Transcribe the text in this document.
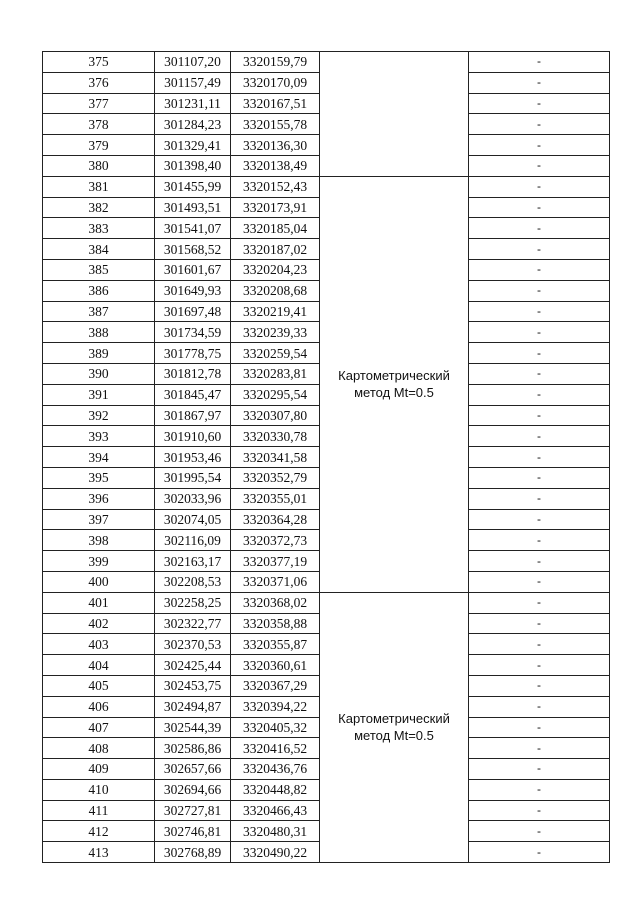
375	301107,20	3320159,79		-
376	301157,49	3320170,09		-
377	301231,11	3320167,51		-
378	301284,23	3320155,78		-
379	301329,41	3320136,30		-
380	301398,40	3320138,49		-
381	301455,99	3320152,43	Картометрический метод Mt=0.5	-
382	301493,51	3320173,91		-
383	301541,07	3320185,04		-
384	301568,52	3320187,02		-
385	301601,67	3320204,23		-
386	301649,93	3320208,68		-
387	301697,48	3320219,41		-
388	301734,59	3320239,33		-
389	301778,75	3320259,54		-
390	301812,78	3320283,81		-
391	301845,47	3320295,54		-
392	301867,97	3320307,80		-
393	301910,60	3320330,78		-
394	301953,46	3320341,58		-
395	301995,54	3320352,79		-
396	302033,96	3320355,01		-
397	302074,05	3320364,28		-
398	302116,09	3320372,73		-
399	302163,17	3320377,19		-
400	302208,53	3320371,06		-
401	302258,25	3320368,02	Картометрический метод Mt=0.5	-
402	302322,77	3320358,88		-
403	302370,53	3320355,87		-
404	302425,44	3320360,61		-
405	302453,75	3320367,29		-
406	302494,87	3320394,22		-
407	302544,39	3320405,32		-
408	302586,86	3320416,52		-
409	302657,66	3320436,76		-
410	302694,66	3320448,82		-
411	302727,81	3320466,43		-
412	302746,81	3320480,31		-
413	302768,89	3320490,22		-
